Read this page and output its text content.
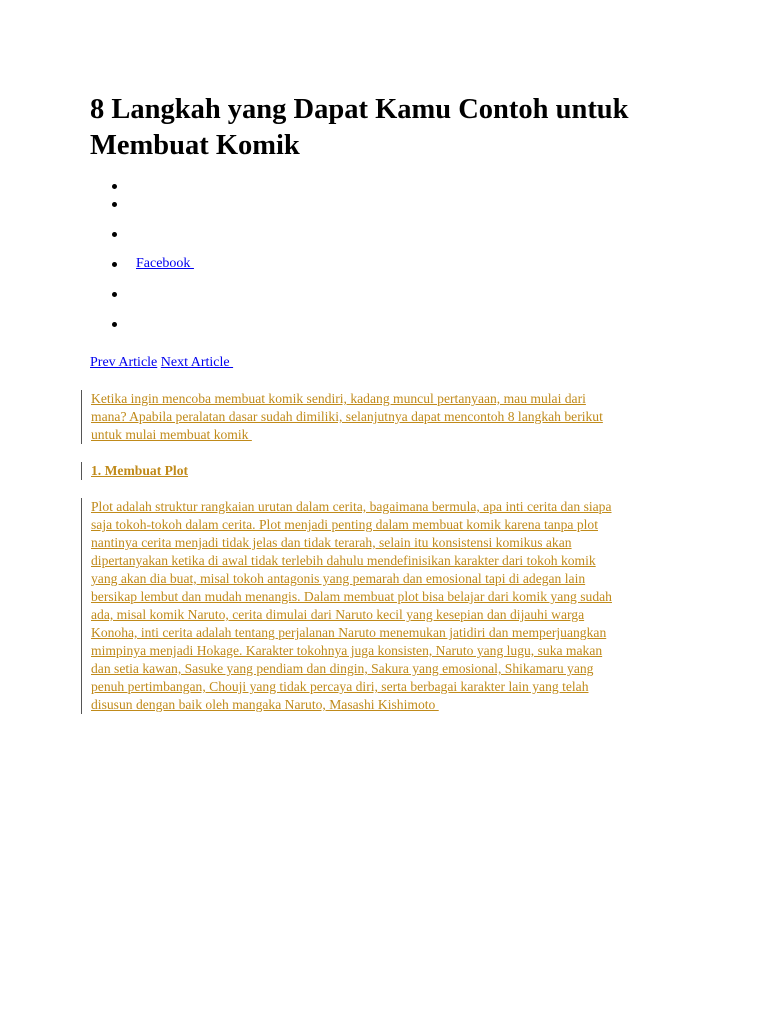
8 Langkah yang Dapat Kamu Contoh untuk
Membuat Komik
Facebook
Prev Article Next Article
Ketika ingin mencoba membuat komik sendiri, kadang muncul pertanyaan, mau mulai dari
mana? Apabila peralatan dasar sudah dimiliki, selanjutnya dapat mencontoh 8 langkah berikut
untuk mulai membuat komik
1. Membuat Plot
Plot adalah struktur rangkaian urutan dalam cerita, bagaimana bermula, apa inti cerita dan siapa
saja tokoh-tokoh dalam cerita. Plot menjadi penting dalam membuat komik karena tanpa plot
nantinya cerita menjadi tidak jelas dan tidak terarah, selain itu konsistensi komikus akan
dipertanyakan ketika di awal tidak terlebih dahulu mendefinisikan karakter dari tokoh komik
yang akan dia buat, misal tokoh antagonis yang pemarah dan emosional tapi di adegan lain
bersikap lembut dan mudah menangis. Dalam membuat plot bisa belajar dari komik yang sudah
ada, misal komik Naruto, cerita dimulai dari Naruto kecil yang kesepian dan dijauhi warga
Konoha, inti cerita adalah tentang perjalanan Naruto menemukan jatidiri dan memperjuangkan
mimpinya menjadi Hokage. Karakter tokohnya juga konsisten, Naruto yang lugu, suka makan
dan setia kawan, Sasuke yang pendiam dan dingin, Sakura yang emosional, Shikamaru yang
penuh pertimbangan, Chouji yang tidak percaya diri, serta berbagai karakter lain yang telah
disusun dengan baik oleh mangaka Naruto, Masashi Kishimoto
